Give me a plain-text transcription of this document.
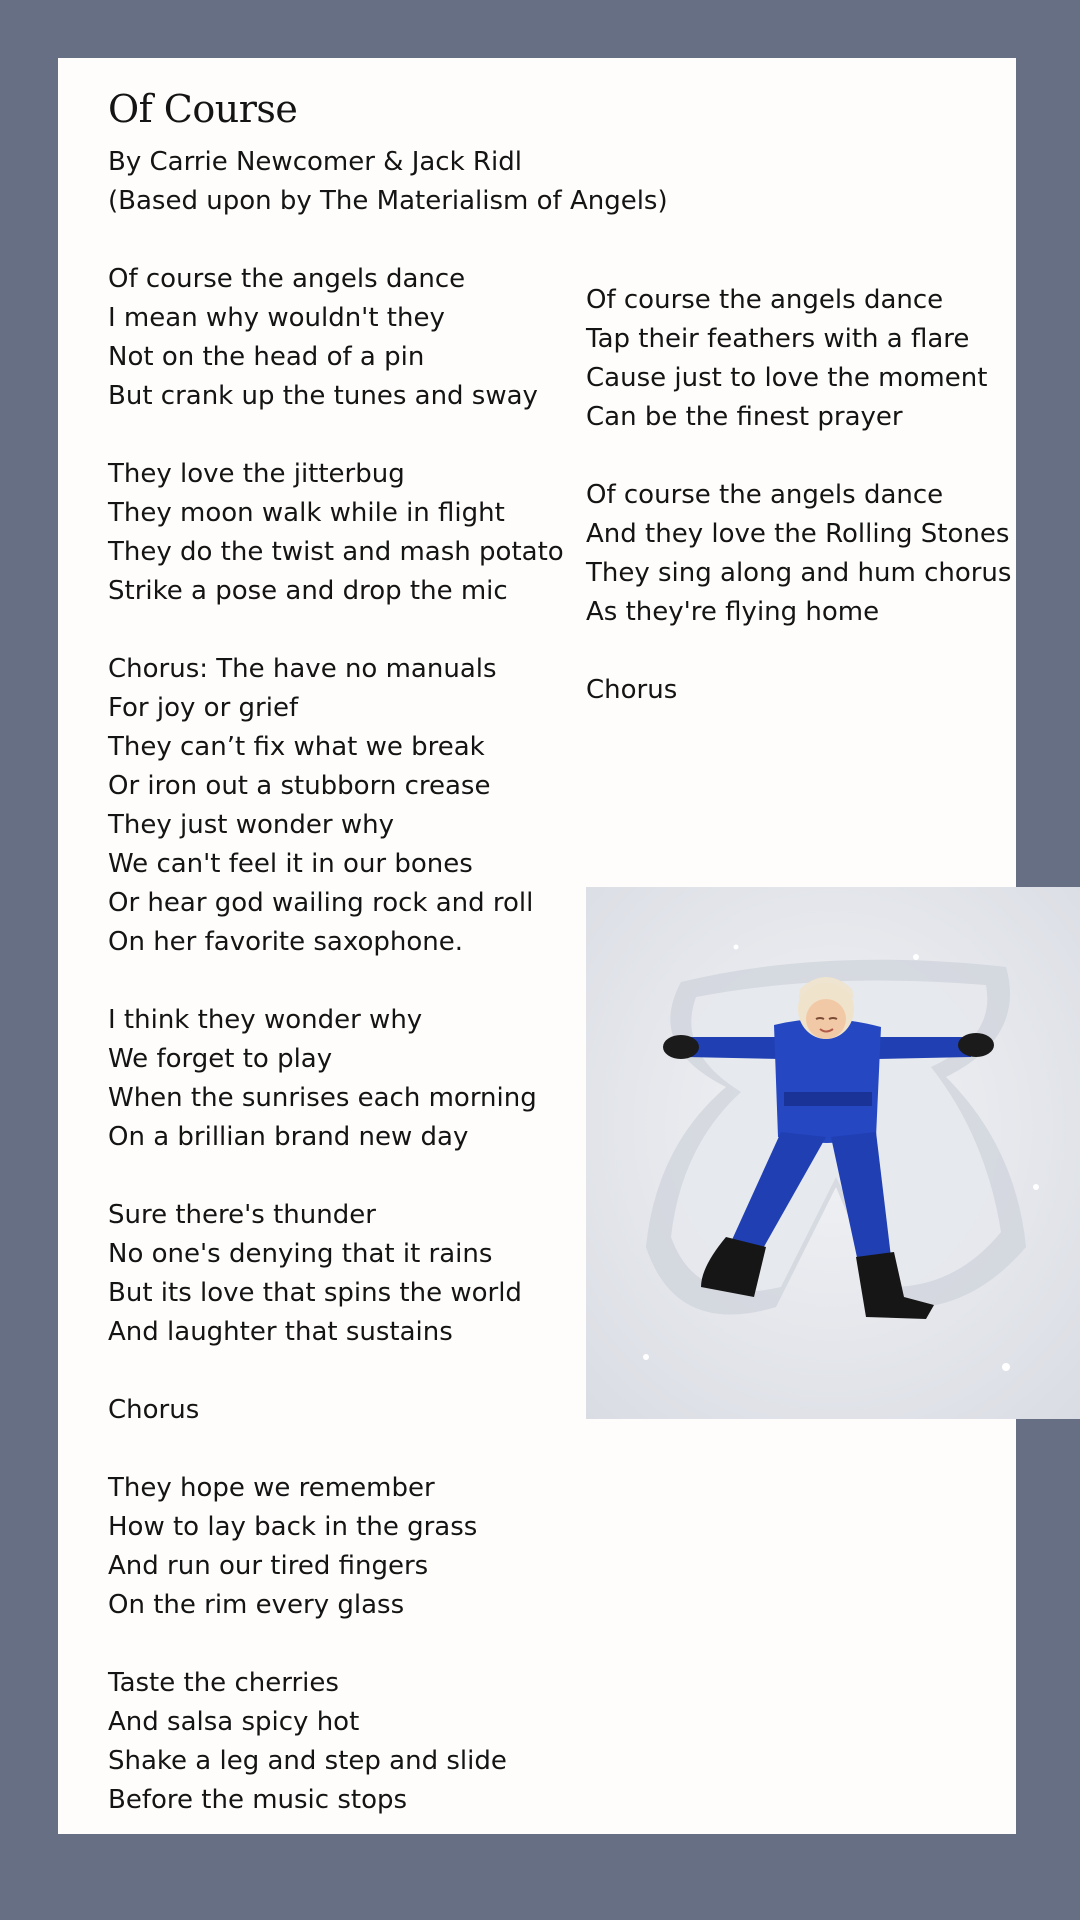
Of Course
By Carrie Newcomer & Jack Ridl
(Based upon by The Materialism of Angels)
Of course the angels dance
I mean why wouldn't they
Not on the head of a pin
But crank up the tunes and sway
They love the jitterbug
They moon walk while in flight
They do the twist and mash potato
Strike a pose and drop the mic
Chorus: The have no manuals
For joy or grief
They can’t fix what we break
Or iron out a stubborn crease
They just wonder why
We can't feel it in our bones
Or hear god wailing rock and roll
On her favorite saxophone.
I think they wonder why
We forget to play
When the sunrises each morning
On a brillian brand new day
Sure there's thunder
No one's denying that it rains
But its love that spins the world
And laughter that sustains
Chorus
They hope we remember
How to lay back in the grass
And run our tired fingers
On the rim every glass
Taste the cherries
And salsa spicy hot
Shake a leg and step and slide
Before the music stops
Of course the angels dance
Tap their feathers with a flare
Cause just to love the moment
Can be the finest prayer
Of course the angels dance
And they love the Rolling Stones
They sing along and hum chorus
As they're flying home
Chorus
